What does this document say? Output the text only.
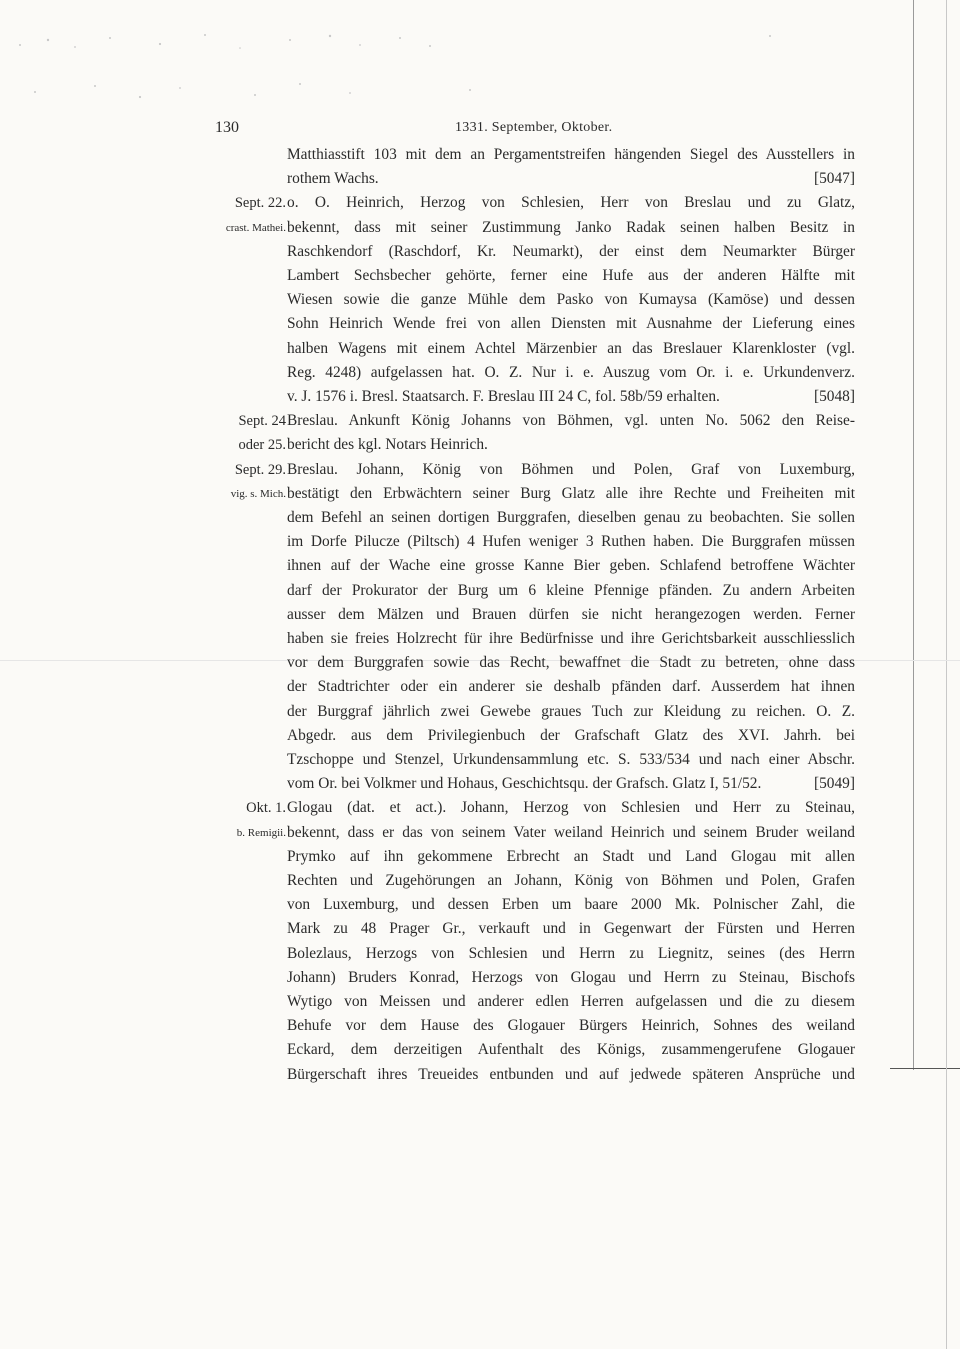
130	1331. September, Oktober.
Matthiasstift 103 mit dem an Pergamentstreifen hängenden Siegel des Ausstellers in
rothem Wachs.	[5047]
Sept. 22. o. O. Heinrich, Herzog von Schlesien, Herr von Breslau und zu Glatz,
crast. Mathei. bekennt, dass mit seiner Zustimmung Janko Radak seinen halben Besitz in
Raschkendorf (Raschdorf, Kr. Neumarkt), der einst dem Neumarkter Bürger
Lambert Sechsbecher gehörte, ferner eine Hufe aus der anderen Hälfte mit
Wiesen sowie die ganze Mühle dem Pasko von Kumaysa (Kamöse) und dessen
Sohn Heinrich Wende frei von allen Diensten mit Ausnahme der Lieferung eines
halben Wagens mit einem Achtel Märzenbier an das Breslauer Klarenkloster (vgl.
Reg. 4248) aufgelassen hat. O. Z. Nur i. e. Auszug vom Or. i. e. Urkundenverz.
v. J. 1576 i. Bresl. Staatsarch. F. Breslau III 24 C, fol. 58b/59 erhalten.	[5048]
Sept. 24 Breslau. Ankunft König Johanns von Böhmen, vgl. unten No. 5062 den Reise-
oder 25. bericht des kgl. Notars Heinrich.
Sept. 29. Breslau. Johann, König von Böhmen und Polen, Graf von Luxemburg,
vig. s. Mich. bestätigt den Erbwächtern seiner Burg Glatz alle ihre Rechte und Freiheiten mit
dem Befehl an seinen dortigen Burggrafen, dieselben genau zu beobachten. Sie sollen
im Dorfe Pilucze (Piltsch) 4 Hufen weniger 3 Ruthen haben. Die Burggrafen müssen
ihnen auf der Wache eine grosse Kanne Bier geben. Schlafend betroffene Wächter
darf der Prokurator der Burg um 6 kleine Pfennige pfänden. Zu andern Arbeiten
ausser dem Mälzen und Brauen dürfen sie nicht herangezogen werden. Ferner
haben sie freies Holzrecht für ihre Bedürfnisse und ihre Gerichtsbarkeit ausschliesslich
vor dem Burggrafen sowie das Recht, bewaffnet die Stadt zu betreten, ohne dass
der Stadtrichter oder ein anderer sie deshalb pfänden darf. Ausserdem hat ihnen
der Burggraf jährlich zwei Gewebe graues Tuch zur Kleidung zu reichen. O. Z.
Abgedr. aus dem Privilegienbuch der Grafschaft Glatz des XVI. Jahrh. bei
Tzschoppe und Stenzel, Urkundensammlung etc. S. 533/534 und nach einer Abschr.
vom Or. bei Volkmer und Hohaus, Geschichtsqu. der Grafsch. Glatz I, 51/52.	[5049]
Okt. 1. Glogau (dat. et act.). Johann, Herzog von Schlesien und Herr zu Steinau,
b. Remigii. bekennt, dass er das von seinem Vater weiland Heinrich und seinem Bruder weiland
Prymko auf ihn gekommene Erbrecht an Stadt und Land Glogau mit allen
Rechten und Zugehörungen an Johann, König von Böhmen und Polen, Grafen
von Luxemburg, und dessen Erben um baare 2000 Mk. Polnischer Zahl, die
Mark zu 48 Prager Gr., verkauft und in Gegenwart der Fürsten und Herren
Bolezlaus, Herzogs von Schlesien und Herrn zu Liegnitz, seines (des Herrn
Johann) Bruders Konrad, Herzogs von Glogau und Herrn zu Steinau, Bischofs
Wytigo von Meissen und anderer edlen Herren aufgelassen und die zu diesem
Behufe vor dem Hause des Glogauer Bürgers Heinrich, Sohnes des weiland
Eckard, dem derzeitigen Aufenthalt des Königs, zusammengerufene Glogauer
Bürgerschaft ihres Treueides entbunden und auf jedwede späteren Ansprüche und
